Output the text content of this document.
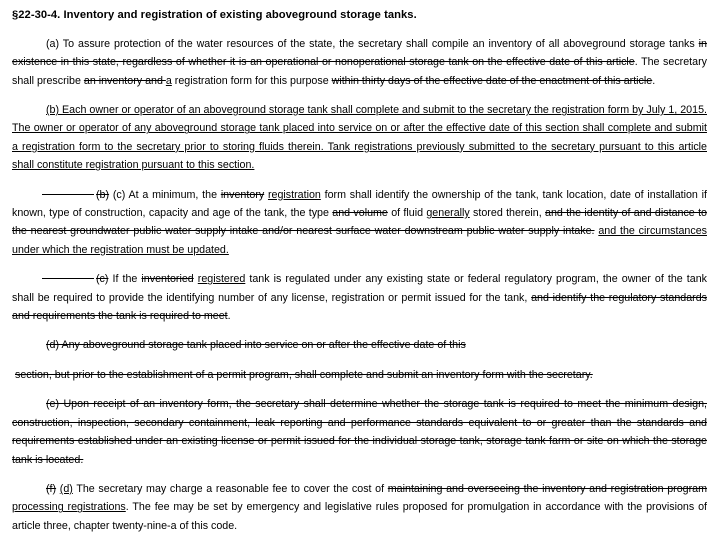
§22-30-4. Inventory and registration of existing aboveground storage tanks.

(a) To assure protection of the water resources of the state, the secretary shall compile an inventory of all aboveground storage tanks in existence in this state, regardless of whether it is an operational or nonoperational storage tank on the effective date of this article. The secretary shall prescribe an inventory and a registration form for this purpose within thirty days of the effective date of the enactment of this article.

(b) Each owner or operator of an aboveground storage tank shall complete and submit to the secretary the registration form by July 1, 2015. The owner or operator of any aboveground storage tank placed into service on or after the effective date of this section shall complete and submit a registration form to the secretary prior to storing fluids therein. Tank registrations previously submitted to the secretary pursuant to this article shall constitute registration pursuant to this section.

(b) (c) At a minimum, the inventory registration form shall identify the ownership of the tank, tank location, date of installation if known, type of construction, capacity and age of the tank, the type and volume of fluid generally stored therein, and the identity of and distance to the nearest groundwater public water supply intake and/or nearest surface water downstream public water supply intake. and the circumstances under which the registration must be updated.

(c) If the inventoried registered tank is regulated under any existing state or federal regulatory program, the owner of the tank shall be required to provide the identifying number of any license, registration or permit issued for the tank, and identify the regulatory standards and requirements the tank is required to meet.

(d) Any aboveground storage tank placed into service on or after the effective date of this

section, but prior to the establishment of a permit program, shall complete and submit an inventory form with the secretary.

(e) Upon receipt of an inventory form, the secretary shall determine whether the storage tank is required to meet the minimum design, construction, inspection, secondary containment, leak reporting and performance standards equivalent to or greater than the standards and requirements established under an existing license or permit issued for the individual storage tank, storage tank farm or site on which the storage tank is located.

(f) (d) The secretary may charge a reasonable fee to cover the cost of maintaining and overseeing the inventory and registration program processing registrations. The fee may be set by emergency and legislative rules proposed for promulgation in accordance with the provisions of article three, chapter twenty-nine-a of this code.
